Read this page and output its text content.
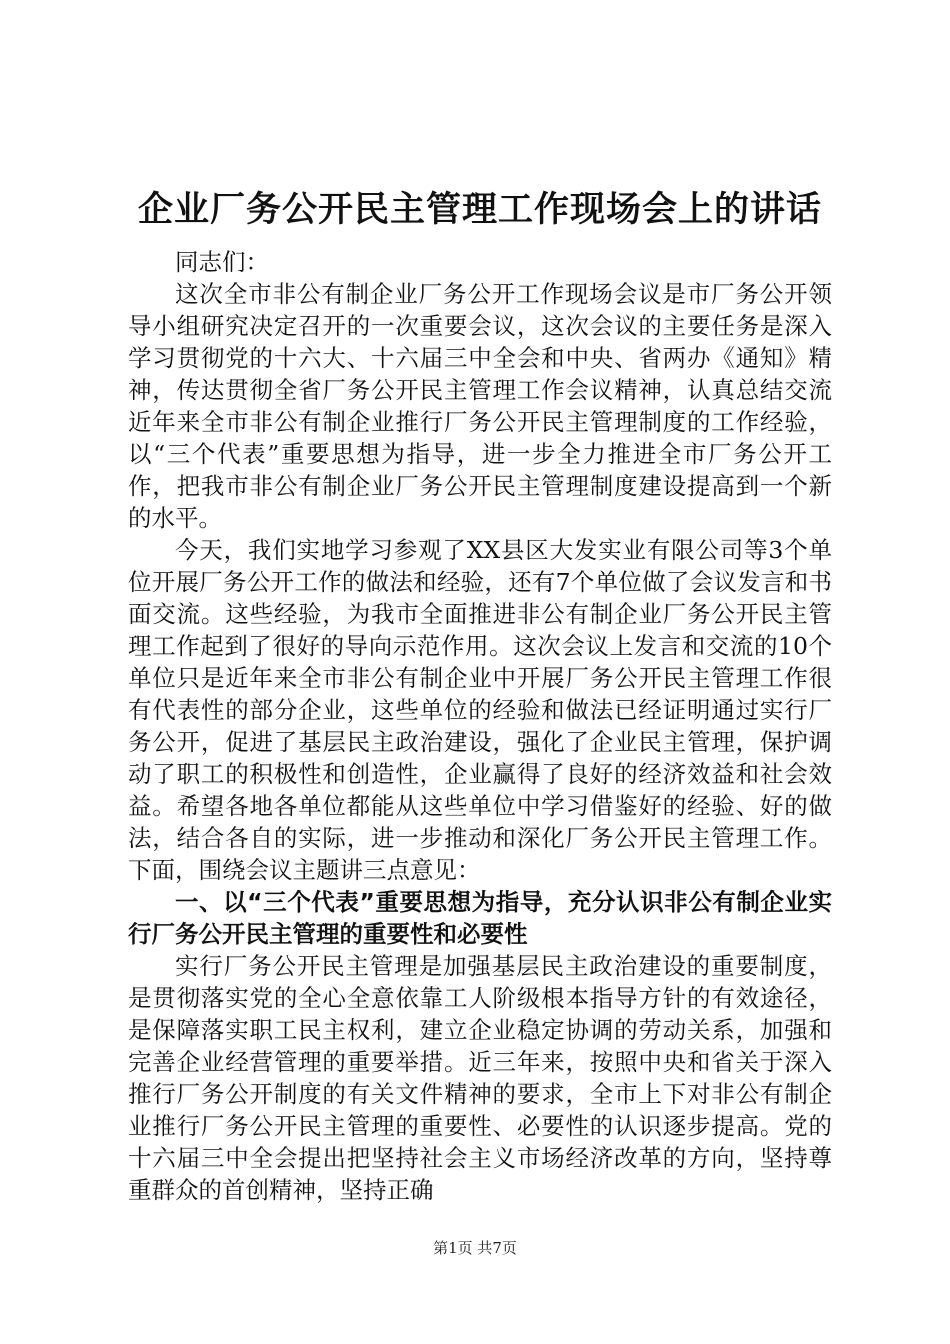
企业厂务公开民主管理工作现场会上的讲话

同志们：

这次全市非公有制企业厂务公开工作现场会议是市厂务公开领导小组研究决定召开的一次重要会议，这次会议的主要任务是深入学习贯彻党的十六大、十六届三中全会和中央、省两办《通知》精神，传达贯彻全省厂务公开民主管理工作会议精神，认真总结交流近年来全市非公有制企业推行厂务公开民主管理制度的工作经验，以“三个代表”重要思想为指导，进一步全力推进全市厂务公开工作，把我市非公有制企业厂务公开民主管理制度建设提高到一个新的水平。

今天，我们实地学习参观了XX县区大发实业有限公司等3个单位开展厂务公开工作的做法和经验，还有7个单位做了会议发言和书面交流。这些经验，为我市全面推进非公有制企业厂务公开民主管理工作起到了很好的导向示范作用。这次会议上发言和交流的10个单位只是近年来全市非公有制企业中开展厂务公开民主管理工作很有代表性的部分企业，这些单位的经验和做法已经证明通过实行厂务公开，促进了基层民主政治建设，强化了企业民主管理，保护调动了职工的积极性和创造性，企业赢得了良好的经济效益和社会效益。希望各地各单位都能从这些单位中学习借鉴好的经验、好的做法，结合各自的实际，进一步推动和深化厂务公开民主管理工作。下面，围绕会议主题讲三点意见：

一、以“三个代表”重要思想为指导，充分认识非公有制企业实行厂务公开民主管理的重要性和必要性

实行厂务公开民主管理是加强基层民主政治建设的重要制度，是贯彻落实党的全心全意依靠工人阶级根本指导方针的有效途径，是保障落实职工民主权利，建立企业稳定协调的劳动关系，加强和完善企业经营管理的重要举措。近三年来，按照中央和省关于深入推行厂务公开制度的有关文件精神的要求，全市上下对非公有制企业推行厂务公开民主管理的重要性、必要性的认识逐步提高。党的十六届三中全会提出把坚持社会主义市场经济改革的方向，坚持尊重群众的首创精神，坚持正确

第1页 共7页
